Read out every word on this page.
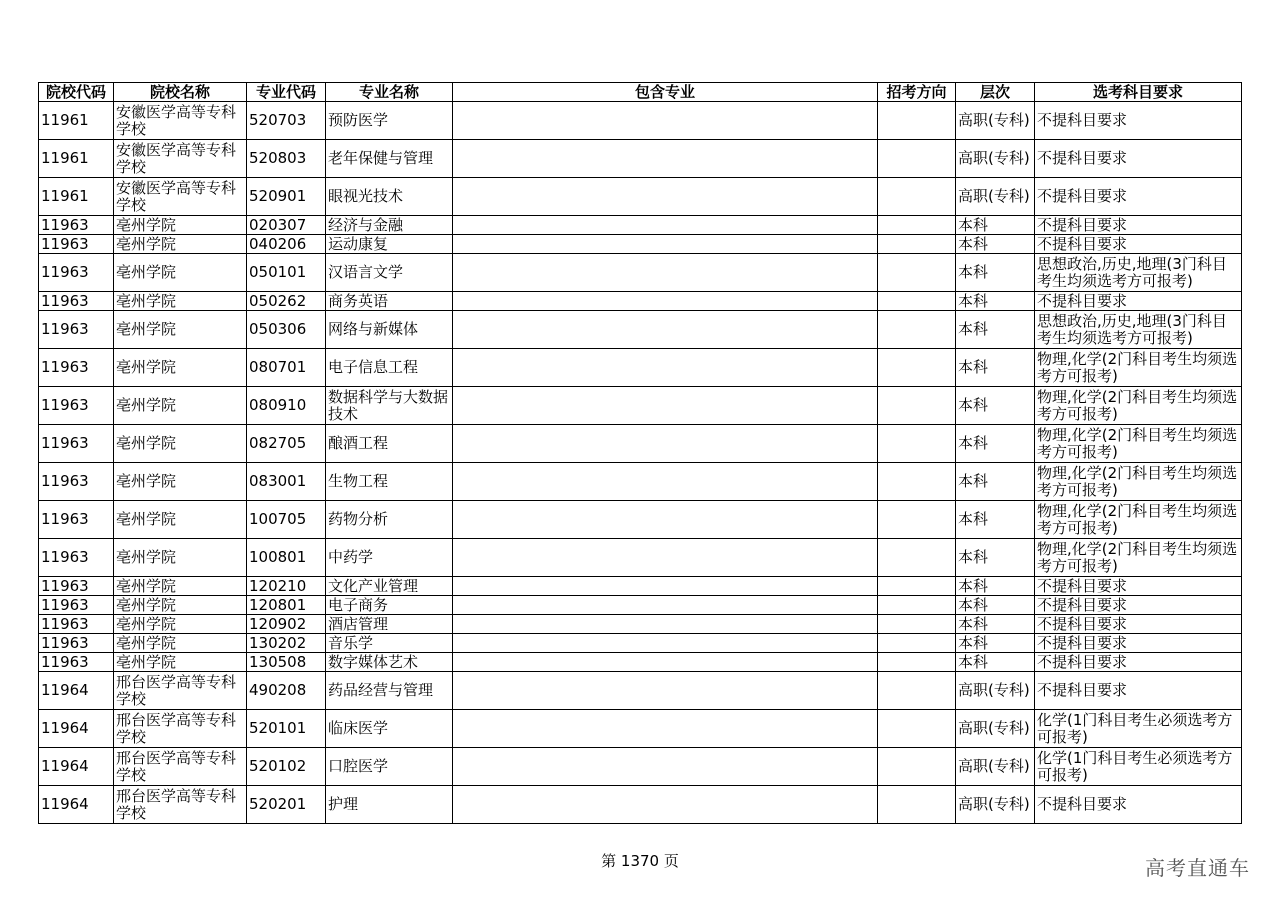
院校代码	院校名称	专业代码	专业名称	包含专业	招考方向	层次	选考科目要求
11961	安徽医学高等专科学校	520703	预防医学			高职(专科)	不提科目要求
11961	安徽医学高等专科学校	520803	老年保健与管理			高职(专科)	不提科目要求
11961	安徽医学高等专科学校	520901	眼视光技术			高职(专科)	不提科目要求
11963	亳州学院	020307	经济与金融			本科	不提科目要求
11963	亳州学院	040206	运动康复			本科	不提科目要求
11963	亳州学院	050101	汉语言文学			本科	思想政治,历史,地理(3门科目考生均须选考方可报考)
11963	亳州学院	050262	商务英语			本科	不提科目要求
11963	亳州学院	050306	网络与新媒体			本科	思想政治,历史,地理(3门科目考生均须选考方可报考)
11963	亳州学院	080701	电子信息工程			本科	物理,化学(2门科目考生均须选考方可报考)
11963	亳州学院	080910	数据科学与大数据技术			本科	物理,化学(2门科目考生均须选考方可报考)
11963	亳州学院	082705	酿酒工程			本科	物理,化学(2门科目考生均须选考方可报考)
11963	亳州学院	083001	生物工程			本科	物理,化学(2门科目考生均须选考方可报考)
11963	亳州学院	100705	药物分析			本科	物理,化学(2门科目考生均须选考方可报考)
11963	亳州学院	100801	中药学			本科	物理,化学(2门科目考生均须选考方可报考)
11963	亳州学院	120210	文化产业管理			本科	不提科目要求
11963	亳州学院	120801	电子商务			本科	不提科目要求
11963	亳州学院	120902	酒店管理			本科	不提科目要求
11963	亳州学院	130202	音乐学			本科	不提科目要求
11963	亳州学院	130508	数字媒体艺术			本科	不提科目要求
11964	邢台医学高等专科学校	490208	药品经营与管理			高职(专科)	不提科目要求
11964	邢台医学高等专科学校	520101	临床医学			高职(专科)	化学(1门科目考生必须选考方可报考)
11964	邢台医学高等专科学校	520102	口腔医学			高职(专科)	化学(1门科目考生必须选考方可报考)
11964	邢台医学高等专科学校	520201	护理			高职(专科)	不提科目要求
第 1370 页	高考直通车
